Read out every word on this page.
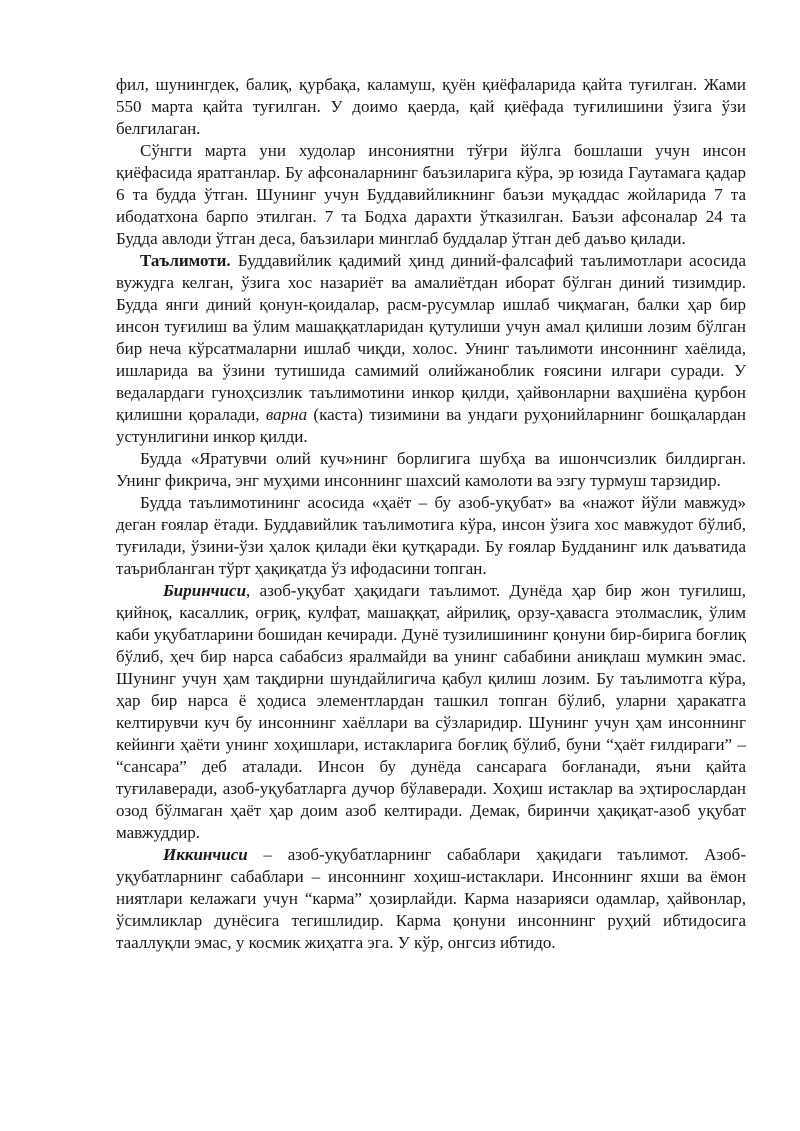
фил, шунингдек, балиқ, қурбақа, каламуш, қуён қиёфаларида қайта туғилган. Жами 550 марта қайта туғилган. У доимо қаерда, қай қиёфада туғилишини ўзига ўзи белгилаган.

Сўнгги марта уни худолар инсониятни тўғри йўлга бошлаши учун инсон қиёфасида яратганлар. Бу афсоналарнинг баъзиларига кўра, эр юзида Гаутамага қадар 6 та будда ўтган. Шунинг учун Буддавийликнинг баъзи муқаддас жойларида 7 та ибодатхона барпо этилган. 7 та Бодха дарахти ўтказилган. Баъзи афсоналар 24 та Будда авлоди ўтган деса, баъзилари минглаб буддалар ўтган деб даъво қилади.

Таълимоти. Буддавийлик қадимий ҳинд диний-фалсафий таълимотлари асосида вужудга келган, ўзига хос назариёт ва амалиётдан иборат бўлган диний тизимдир. Будда янги диний қонун-қоидалар, расм-русумлар ишлаб чиқмаган, балки ҳар бир инсон туғилиш ва ўлим машаққатларидан қутулиши учун амал қилиши лозим бўлган бир неча кўрсатмаларни ишлаб чиқди, холос. Унинг таълимоти инсоннинг хаёлида, ишларида ва ўзини тутишида самимий олийжаноблик ғоясини илгари суради. У ведалардаги гуноҳсизлик таълимотини инкор қилди, ҳайвонларни ваҳшиёна қурбон қилишни қоралади, варна (каста) тизимини ва ундаги руҳонийларнинг бошқалардан устунлигини инкор қилди.

Будда «Яратувчи олий куч»нинг борлигига шубҳа ва ишончсизлик билдирган. Унинг фикрича, энг муҳими инсоннинг шахсий камолоти ва эзгу турмуш тарзидир.

Будда таълимотининг асосида «ҳаёт – бу азоб-уқубат» ва «нажот йўли мавжуд» деган ғоялар ётади. Буддавийлик таълимотига кўра, инсон ўзига хос мавжудот бўлиб, туғилади, ўзини-ўзи ҳалок қилади ёки қутқаради. Бу ғоялар Будданинг илк даъватида таърибланган тўрт ҳақиқатда ўз ифодасини топган.

Биринчиси, азоб-уқубат ҳақидаги таълимот. Дунёда ҳар бир жон туғилиш, қийноқ, касаллик, оғриқ, кулфат, машаққат, айрилиқ, орзу-ҳавасга этолмаслик, ўлим каби уқубатларини бошидан кечиради. Дунё тузилишининг қонуни бир-бирига боғлиқ бўлиб, ҳеч бир нарса сабабсиз яралмайди ва унинг сабабини аниқлаш мумкин эмас. Шунинг учун ҳам тақдирни шундайлигича қабул қилиш лозим. Бу таълимотга кўра, ҳар бир нарса ё ҳодиса элементлардан ташкил топган бўлиб, уларни ҳаракатга келтирувчи куч бу инсоннинг хаёллари ва сўзларидир. Шунинг учун ҳам инсоннинг кейинги ҳаёти унинг хоҳишлари, истакларига боғлиқ бўлиб, буни “ҳаёт ғилдираги” – “сансара” деб аталади. Инсон бу дунёда сансарага боғланади, яъни қайта туғилаверади, азоб-уқубатларга дучор бўлаверади. Хоҳиш истаклар ва эҳтирослардан озод бўлмаган ҳаёт ҳар доим азоб келтиради. Демак, биринчи ҳақиқат-азоб уқубат мавжуддир.

Иккинчиси – азоб-уқубатларнинг сабаблари ҳақидаги таълимот. Азоб-уқубатларнинг сабаблари – инсоннинг хоҳиш-истаклари. Инсоннинг яхши ва ёмон ниятлари келажаги учун “карма” ҳозирлайди. Карма назарияси одамлар, ҳайвонлар, ўсимликлар дунёсига тегишлидир. Карма қонуни инсоннинг руҳий ибтидосига тааллуқли эмас, у космик жиҳатга эга. У кўр, онгсиз ибтидо.
